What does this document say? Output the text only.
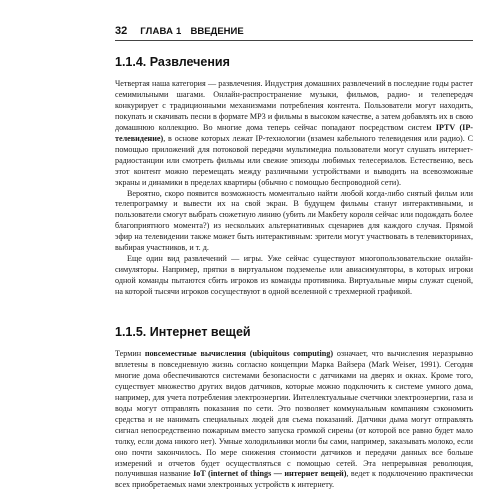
32 ГЛАВА 1 ВВЕДЕНИЕ
1.1.4. Развлечения

Четвертая наша категория — развлечения. Индустрия домашних развлечений в последние годы растет семимильными шагами. Онлайн-распространение музыки, фильмов, радио- и телепередач конкурирует с традиционными механизмами потребления контента. Пользователи могут находить, покупать и скачивать песни в формате MP3 и фильмы в высоком качестве, а затем добавлять их в свою домашнюю коллекцию. Во многие дома теперь сейчас попадают посредством систем IPTV (IP-телевидение), в основе которых лежат IP-технологии (взамен кабельного телевидения или радио). С помощью приложений для потоковой передачи мультимедиа пользователи могут слушать интернет-радиостанции или смотреть фильмы или свежие эпизоды любимых телесериалов. Естественно, весь этот контент можно перемещать между различными устройствами и выводить на всевозможные экраны и динамики в пределах квартиры (обычно с помощью беспроводной сети).

Вероятно, скоро появится возможность моментально найти любой когда-либо снятый фильм или телепрограмму и вывести их на свой экран. В будущем фильмы станут интерактивными, и пользователи смогут выбрать сюжетную линию (убить ли Макбету короля сейчас или подождать более благоприятного момента?) из нескольких альтернативных сценариев для каждого случая. Прямой эфир на телевидении также может быть интерактивным: зрители могут участвовать в телевикторинах, выбирая участников, и т. д.

Еще один вид развлечений — игры. Уже сейчас существуют многопользовательские онлайн-симуляторы. Например, прятки в виртуальном подземелье или авиасимуляторы, в которых игроки одной команды пытаются сбить игроков из команды противника. Виртуальные миры служат сценой, на которой тысячи игроков сосуществуют в одной вселенной с трехмерной графикой.

1.1.5. Интернет вещей

Термин повсеместные вычисления (ubiquitous computing) означает, что вычисления неразрывно вплетены в повседневную жизнь согласно концепции Марка Вайзера (Mark Weiser, 1991). Сегодня многие дома обеспечиваются системами безопасности с датчиками на дверях и окнах. Кроме того, существует множество других видов датчиков, которые можно подключить к системе умного дома, например, для учета потребления электроэнергии. Интеллектуальные счетчики электроэнергии, газа и воды могут отправлять показания по сети. Это позволяет коммунальным компаниям сэкономить средства и не нанимать специальных людей для съема показаний. Датчики дыма могут отправлять сигнал непосредственно пожарным вместо запуска громкой сирены (от которой все равно будет мало толку, если дома никого нет). Умные холодильники могли бы сами, например, заказывать молоко, если оно почти закончилось. По мере снижения стоимости датчиков и передачи данных все больше измерений и отчетов будет осуществляться с помощью сетей. Эта непрерывная революция, получившая название IoT (internet of things — интернет вещей), ведет к подключению практически всех приобретаемых нами электронных устройств к интернету.
